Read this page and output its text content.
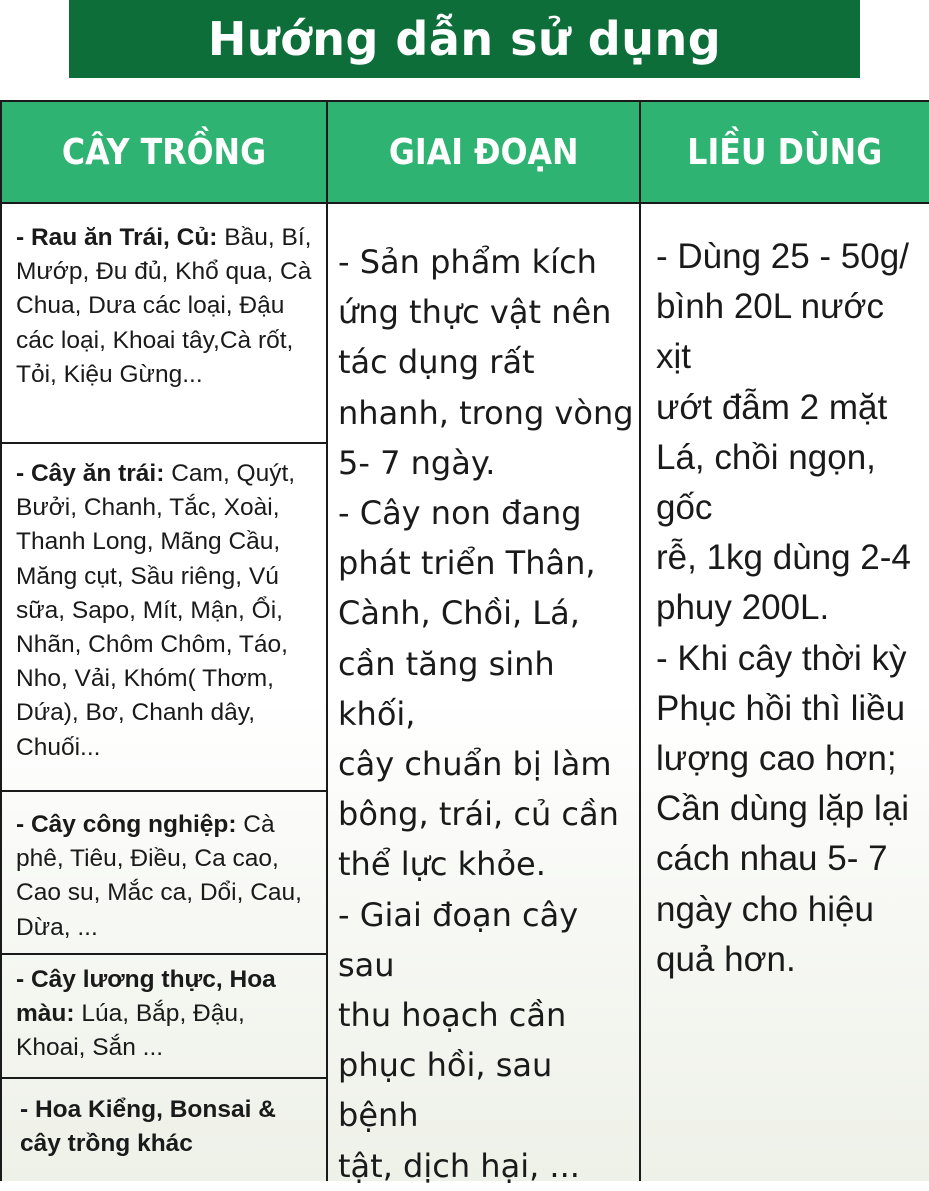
Hướng dẫn sử dụng
CÂY TRỒNG	GIAI ĐOẠN	LIỀU DÙNG
- Rau ăn Trái, Củ: Bầu, Bí, Mướp, Đu đủ, Khổ qua, Cà Chua, Dưa các loại, Đậu các loại, Khoai tây,Cà rốt, Tỏi, Kiệu Gừng...
- Cây ăn trái: Cam, Quýt, Bưởi, Chanh, Tắc, Xoài, Thanh Long, Mãng Cầu, Măng cụt, Sầu riêng, Vú sữa, Sapo, Mít, Mận, Ổi, Nhãn, Chôm Chôm, Táo, Nho, Vải, Khóm( Thơm, Dứa), Bơ, Chanh dây, Chuối...
- Cây công nghiệp: Cà phê, Tiêu, Điều, Ca cao, Cao su, Mắc ca, Dổi, Cau, Dừa, ...
- Cây lương thực, Hoa màu: Lúa, Bắp, Đậu, Khoai, Sắn ...
- Hoa Kiểng, Bonsai & cây trồng khác
- Sản phẩm kích
ứng thực vật nên
tác dụng rất
nhanh, trong vòng
5- 7 ngày.
- Cây non đang
phát triển Thân,
Cành, Chồi, Lá,
cần tăng sinh khối,
cây chuẩn bị làm
bông, trái, củ cần
thể lực khỏe.
- Giai đoạn cây sau
thu hoạch cần
phục hồi, sau bệnh
tật, dịch hại, ...
- Dùng 25 - 50g/
bình 20L nước xịt
ướt đẫm 2 mặt
Lá, chồi ngọn, gốc
rễ, 1kg dùng 2-4
phuy 200L.
- Khi cây thời kỳ
Phục hồi thì liều
lượng cao hơn;
Cần dùng lặp lại
cách nhau 5- 7
ngày cho hiệu
quả hơn.
